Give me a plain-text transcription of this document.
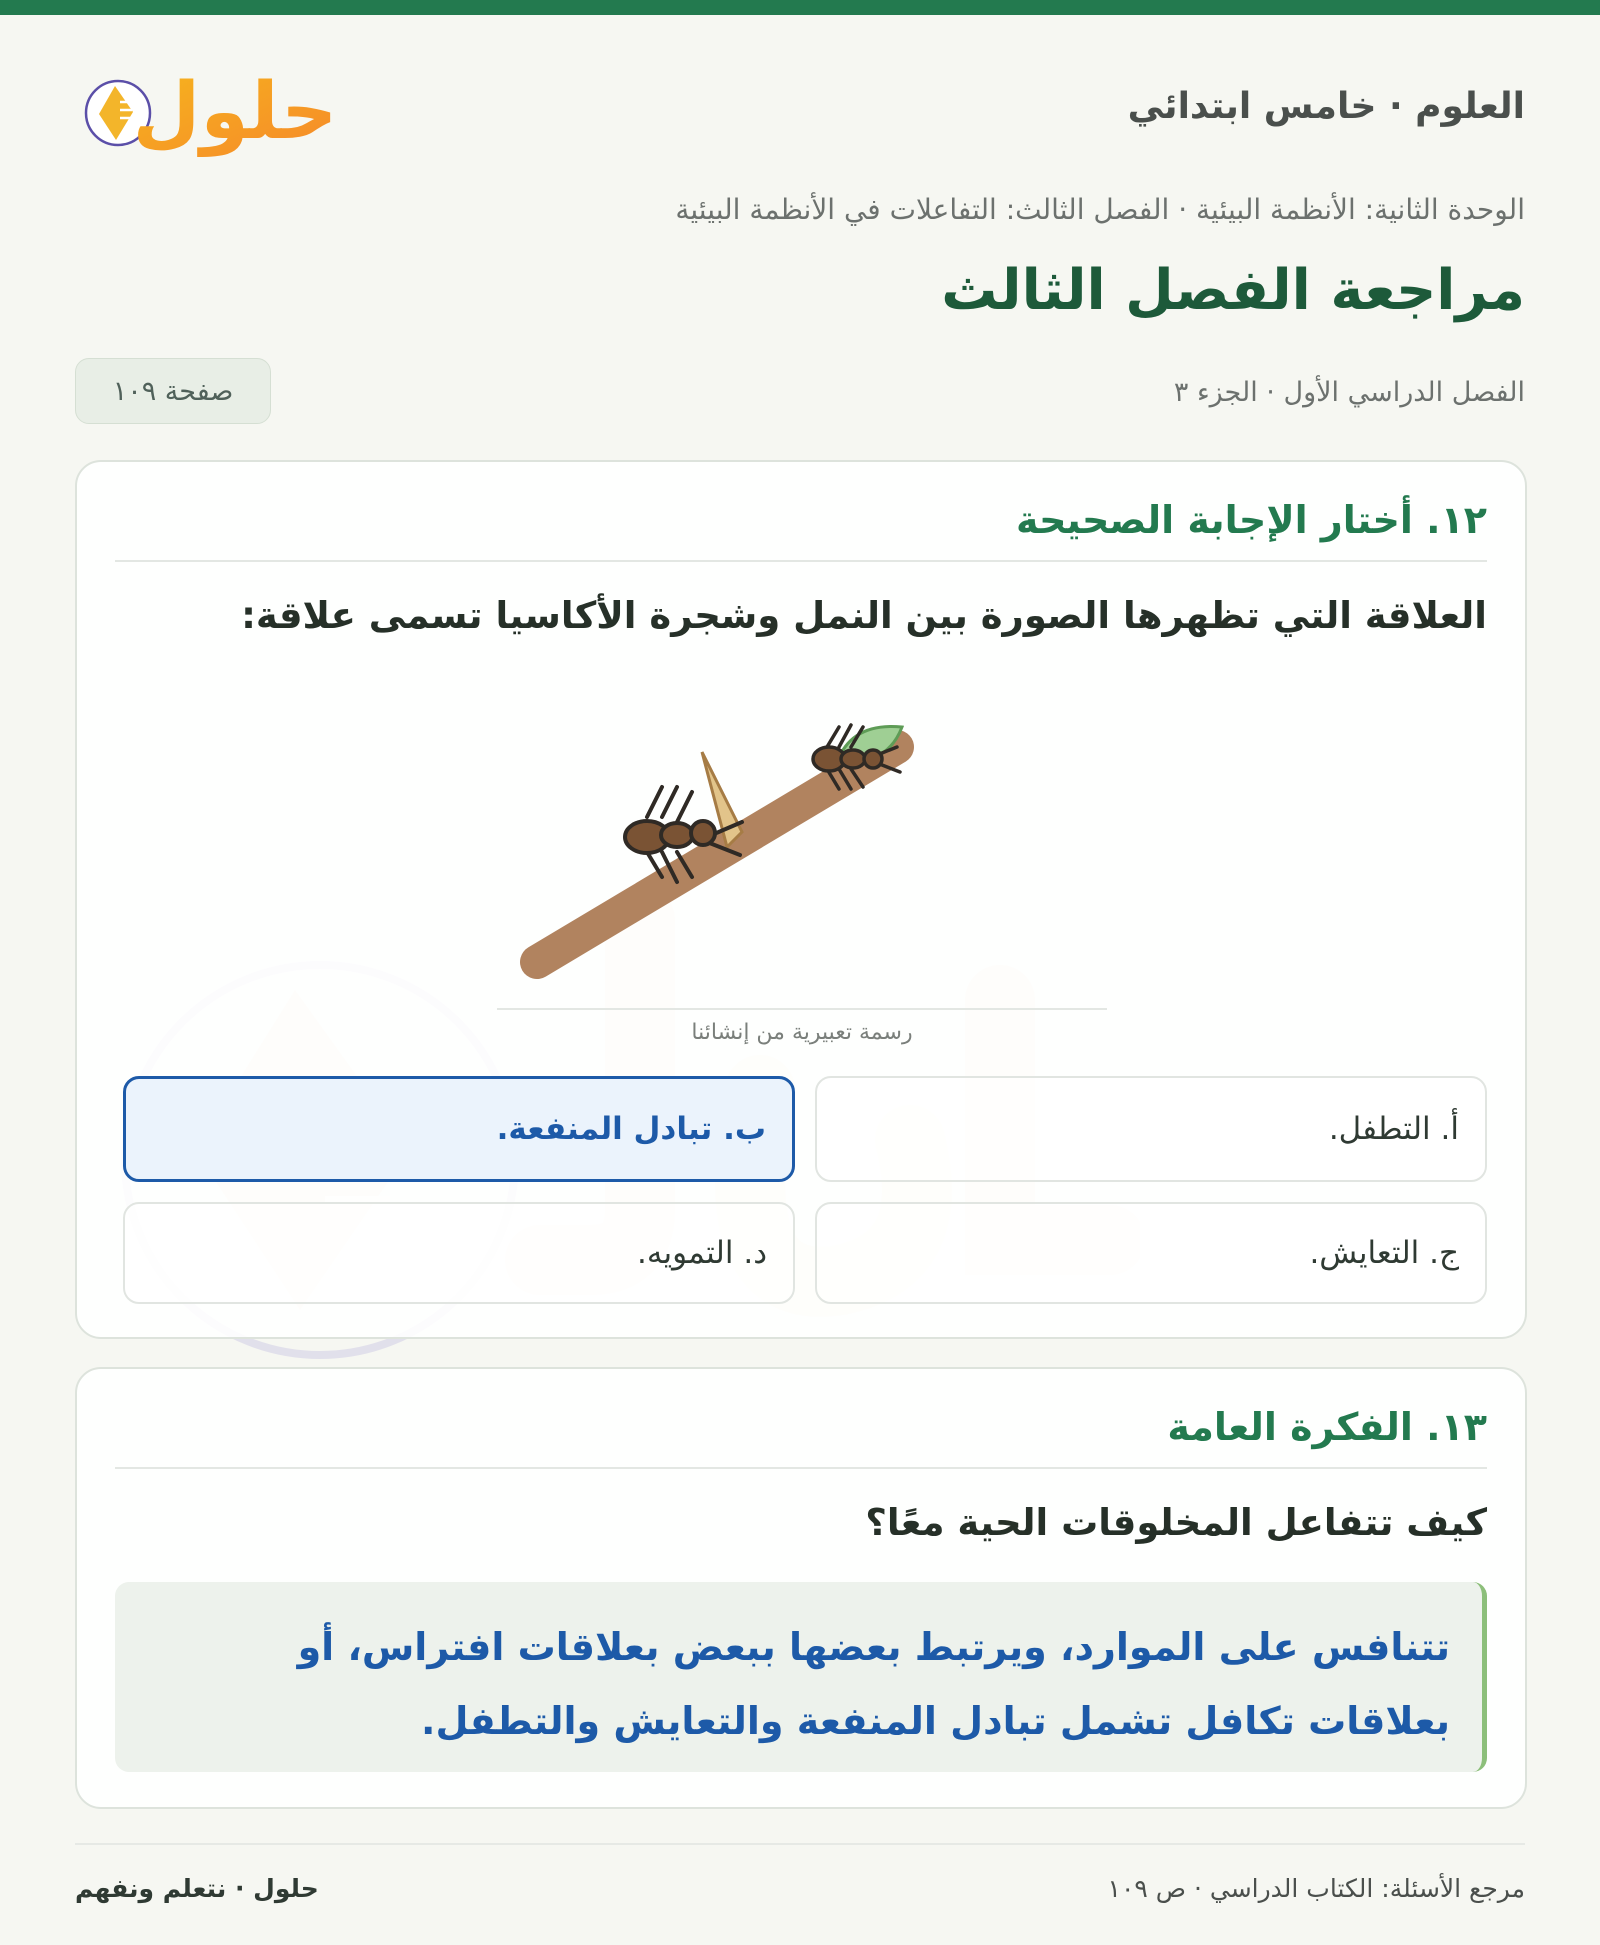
العلوم · خامس ابتدائي
حلول
الوحدة الثانية: الأنظمة البيئية · الفصل الثالث: التفاعلات في الأنظمة البيئية
مراجعة الفصل الثالث
الفصل الدراسي الأول · الجزء ٣
صفحة ١٠٩
١٢. أختار الإجابة الصحيحة
العلاقة التي تظهرها الصورة بين النمل وشجرة الأكاسيا تسمى علاقة:
رسمة تعبيرية من إنشائنا
أ. التطفل.
ب. تبادل المنفعة.
ج. التعايش.
د. التمويه.
١٣. الفكرة العامة
كيف تتفاعل المخلوقات الحية معًا؟

تتنافس على الموارد، ويرتبط بعضها ببعض بعلاقات افتراس، أو بعلاقات تكافل تشمل تبادل المنفعة والتعايش والتطفل.

مرجع الأسئلة: الكتاب الدراسي · ص ١٠٩
حلول · نتعلم ونفهم
